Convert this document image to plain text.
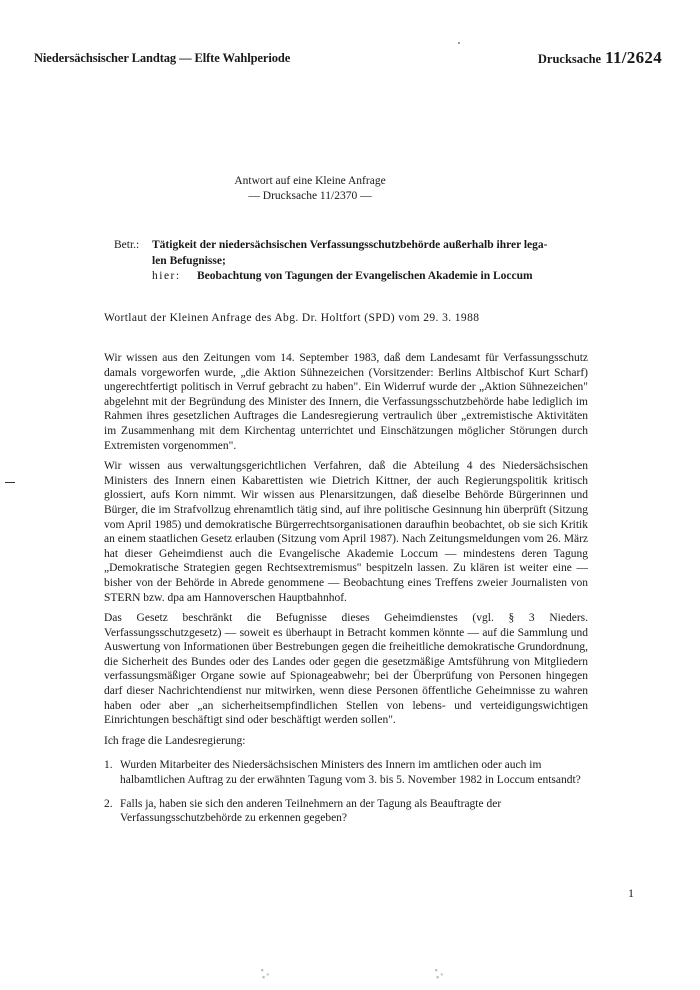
Niedersächsischer Landtag — Elfte Wahlperiode	Drucksache 11/2624
Antwort auf eine Kleine Anfrage
— Drucksache 11/2370 —
Betr.:	Tätigkeit der niedersächsischen Verfassungsschutzbehörde außerhalb ihrer lega-
len Befugnisse;
hier:	Beobachtung von Tagungen der Evangelischen Akademie in Loccum
Wortlaut der Kleinen Anfrage des Abg. Dr. Holtfort (SPD) vom 29. 3. 1988

Wir wissen aus den Zeitungen vom 14. September 1983, daß dem Landesamt für Verfassungsschutz damals vorgeworfen wurde, „die Aktion Sühnezeichen (Vorsitzender: Berlins Altbischof Kurt Scharf) ungerechtfertigt politisch in Verruf gebracht zu haben". Ein Widerruf wurde der „Aktion Sühnezeichen" abgelehnt mit der Begründung des Minister des Innern, die Verfassungsschutzbehörde habe lediglich im Rahmen ihres gesetzlichen Auftrages die Landesregierung vertraulich über „extremistische Aktivitäten im Zusammenhang mit dem Kirchentag unterrichtet und Einschätzungen möglicher Störungen durch Extremisten vorgenommen".

Wir wissen aus verwaltungsgerichtlichen Verfahren, daß die Abteilung 4 des Niedersächsischen Ministers des Innern einen Kabarettisten wie Dietrich Kittner, der auch Regierungspolitik kritisch glossiert, aufs Korn nimmt. Wir wissen aus Plenarsitzungen, daß dieselbe Behörde Bürgerinnen und Bürger, die im Strafvollzug ehrenamtlich tätig sind, auf ihre politische Gesinnung hin überprüft (Sitzung vom April 1985) und demokratische Bürgerrechtsorganisationen daraufhin beobachtet, ob sie sich Kritik an einem staatlichen Gesetz erlauben (Sitzung vom April 1987). Nach Zeitungsmeldungen vom 26. März hat dieser Geheimdienst auch die Evangelische Akademie Loccum — mindestens deren Tagung „Demokratische Strategien gegen Rechtsextremismus" bespitzeln lassen. Zu klären ist weiter eine — bisher von der Behörde in Abrede genommene — Beobachtung eines Treffens zweier Journalisten von STERN bzw. dpa am Hannoverschen Hauptbahnhof.

Das Gesetz beschränkt die Befugnisse dieses Geheimdienstes (vgl. § 3 Nieders. Verfassungsschutzgesetz) — soweit es überhaupt in Betracht kommen könnte — auf die Sammlung und Auswertung von Informationen über Bestrebungen gegen die freiheitliche demokratische Grundordnung, die Sicherheit des Bundes oder des Landes oder gegen die gesetzmäßige Amtsführung von Mitgliedern verfassungsmäßiger Organe sowie auf Spionageabwehr; bei der Überprüfung von Personen hingegen darf dieser Nachrichtendienst nur mitwirken, wenn diese Personen öffentliche Geheimnisse zu wahren haben oder aber „an sicherheitsempfindlichen Stellen von lebens- und verteidigungswichtigen Einrichtungen beschäftigt sind oder beschäftigt werden sollen".

Ich frage die Landesregierung:

1. Wurden Mitarbeiter des Niedersächsischen Ministers des Innern im amtlichen oder auch im halbamtlichen Auftrag zu der erwähnten Tagung vom 3. bis 5. November 1982 in Loccum entsandt?
2. Falls ja, haben sie sich den anderen Teilnehmern an der Tagung als Beauftragte der Verfassungsschutzbehörde zu erkennen gegeben?
1
